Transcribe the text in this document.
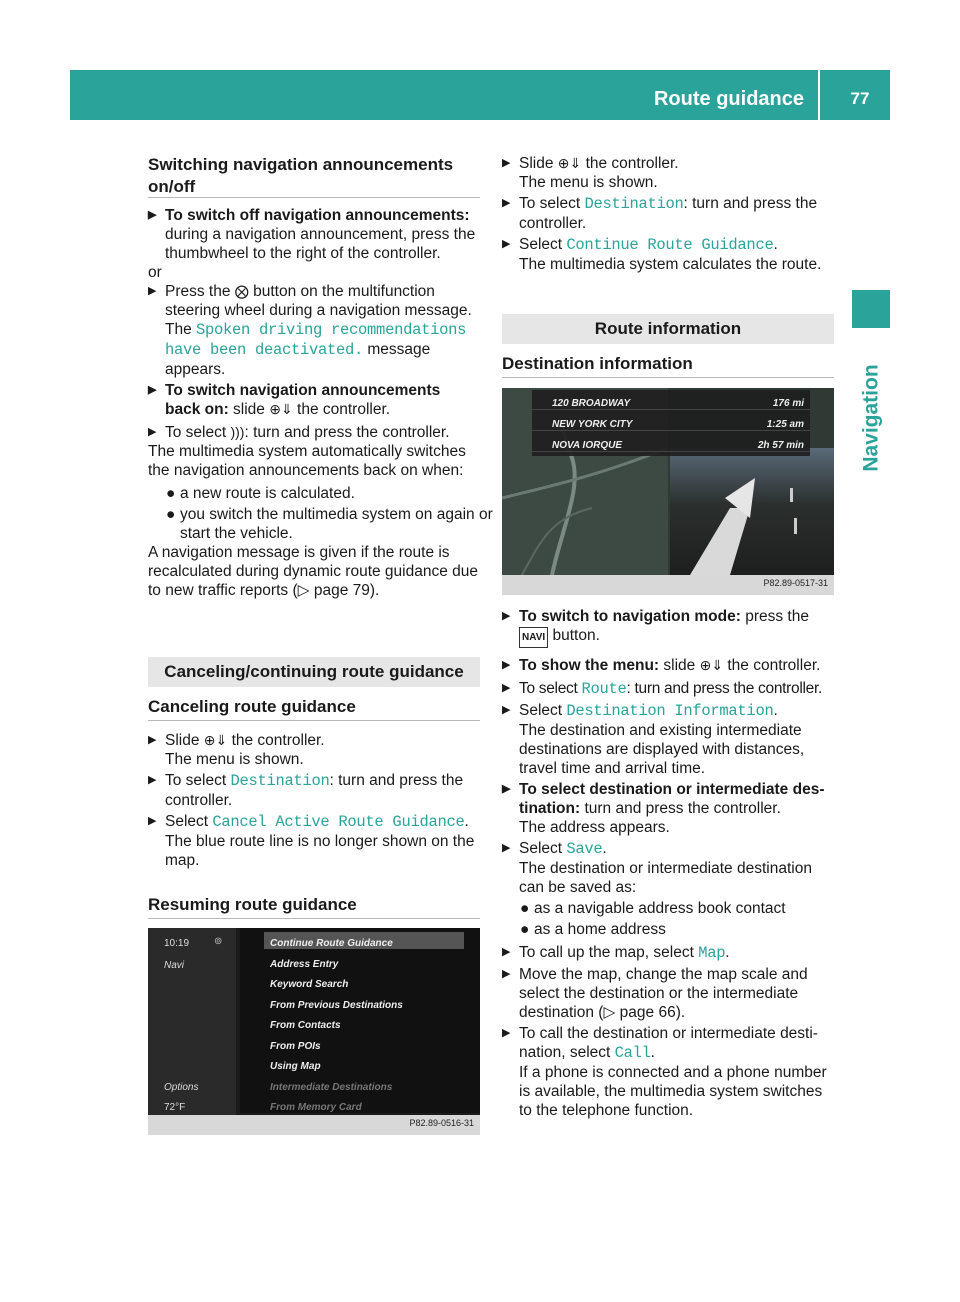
Route guidance	77
Navigation
Switching navigation announcements
on/off
▶ To switch off navigation announcements:
during a navigation announcement, press the
thumbwheel to the right of the controller.
or
▶ Press the ⨂ button on the multifunction
steering wheel during a navigation message.
The Spoken driving recommendations
have been deactivated. message
appears.
▶ To switch navigation announcements
back on: slide ⊕⇓ the controller.
▶ To select ))): turn and press the controller.
The multimedia system automatically switches
the navigation announcements back on when:
● a new route is calculated.
● you switch the multimedia system on again or
start the vehicle.
A navigation message is given if the route is
recalculated during dynamic route guidance due
to new traffic reports (▷ page 79).
Canceling/continuing route guidance
Canceling route guidance
▶ Slide ⊕⇓ the controller.
The menu is shown.
▶ To select Destination: turn and press the
controller.
▶ Select Cancel Active Route Guidance.
The blue route line is no longer shown on the
map.
Resuming route guidance
10:19 ⊚
Navi
Options
72°F
Continue Route Guidance
Address Entry
Keyword Search
From Previous Destinations
From Contacts
From POIs
Using Map
Intermediate Destinations
From Memory Card
P82.89-0516-31
▶ Slide ⊕⇓ the controller.
The menu is shown.
▶ To select Destination: turn and press the
controller.
▶ Select Continue Route Guidance.
The multimedia system calculates the route.
Route information
Destination information
120 BROADWAY	176 mi
NEW YORK CITY	1:25 am
NOVA IORQUE	2h 57 min
P82.89-0517-31
▶ To switch to navigation mode: press the
NAVI button.
▶ To show the menu: slide ⊕⇓ the controller.
▶ To select Route: turn and press the controller.
▶ Select Destination Information.
The destination and existing intermediate
destinations are displayed with distances,
travel time and arrival time.
▶ To select destination or intermediate des-
tination: turn and press the controller.
The address appears.
▶ Select Save.
The destination or intermediate destination
can be saved as:
● as a navigable address book contact
● as a home address
▶ To call up the map, select Map.
▶ Move the map, change the map scale and
select the destination or the intermediate
destination (▷ page 66).
▶ To call the destination or intermediate desti-
nation, select Call.
If a phone is connected and a phone number
is available, the multimedia system switches
to the telephone function.
